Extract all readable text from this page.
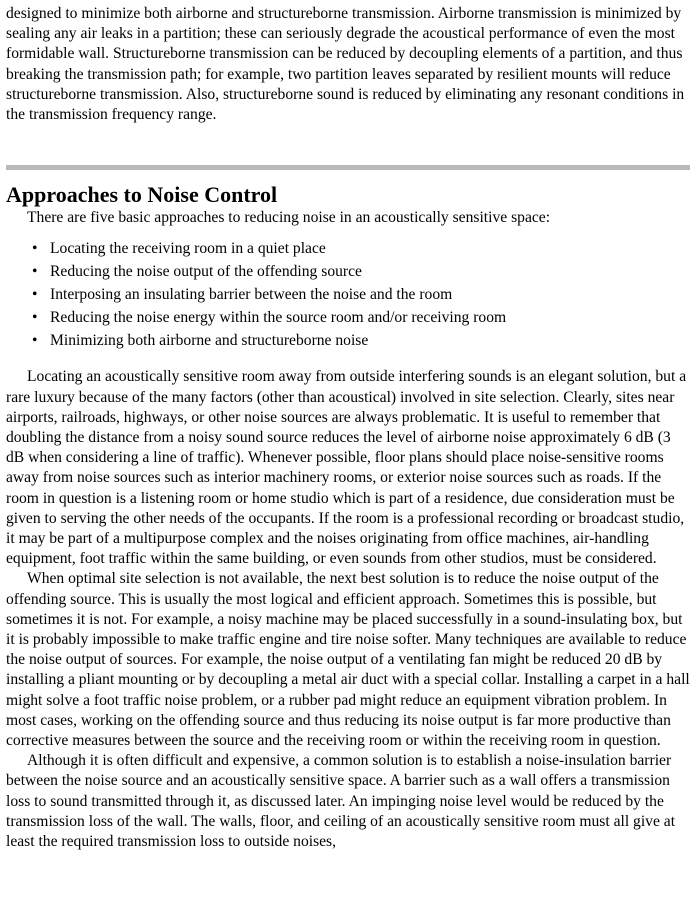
designed to minimize both airborne and structureborne transmission. Airborne transmission is minimized by sealing any air leaks in a partition; these can seriously degrade the acoustical performance of even the most formidable wall. Structureborne transmission can be reduced by decoupling elements of a partition, and thus breaking the transmission path; for example, two partition leaves separated by resilient mounts will reduce structureborne transmission. Also, structureborne sound is reduced by eliminating any resonant conditions in the transmission frequency range.

Approaches to Noise Control

There are five basic approaches to reducing noise in an acoustically sensitive space:

• Locating the receiving room in a quiet place
• Reducing the noise output of the offending source
• Interposing an insulating barrier between the noise and the room
• Reducing the noise energy within the source room and/or receiving room
• Minimizing both airborne and structureborne noise

Locating an acoustically sensitive room away from outside interfering sounds is an elegant solution, but a rare luxury because of the many factors (other than acoustical) involved in site selection. Clearly, sites near airports, railroads, highways, or other noise sources are always problematic. It is useful to remember that doubling the distance from a noisy sound source reduces the level of airborne noise approximately 6 dB (3 dB when considering a line of traffic). Whenever possible, floor plans should place noise-sensitive rooms away from noise sources such as interior machinery rooms, or exterior noise sources such as roads. If the room in question is a listening room or home studio which is part of a residence, due consideration must be given to serving the other needs of the occupants. If the room is a professional recording or broadcast studio, it may be part of a multipurpose complex and the noises originating from office machines, air-handling equipment, foot traffic within the same building, or even sounds from other studios, must be considered.

When optimal site selection is not available, the next best solution is to reduce the noise output of the offending source. This is usually the most logical and efficient approach. Sometimes this is possible, but sometimes it is not. For example, a noisy machine may be placed successfully in a sound-insulating box, but it is probably impossible to make traffic engine and tire noise softer. Many techniques are available to reduce the noise output of sources. For example, the noise output of a ventilating fan might be reduced 20 dB by installing a pliant mounting or by decoupling a metal air duct with a special collar. Installing a carpet in a hall might solve a foot traffic noise problem, or a rubber pad might reduce an equipment vibration problem. In most cases, working on the offending source and thus reducing its noise output is far more productive than corrective measures between the source and the receiving room or within the receiving room in question.

Although it is often difficult and expensive, a common solution is to establish a noise-insulation barrier between the noise source and an acoustically sensitive space. A barrier such as a wall offers a transmission loss to sound transmitted through it, as discussed later. An impinging noise level would be reduced by the transmission loss of the wall. The walls, floor, and ceiling of an acoustically sensitive room must all give at least the required transmission loss to outside noises,
